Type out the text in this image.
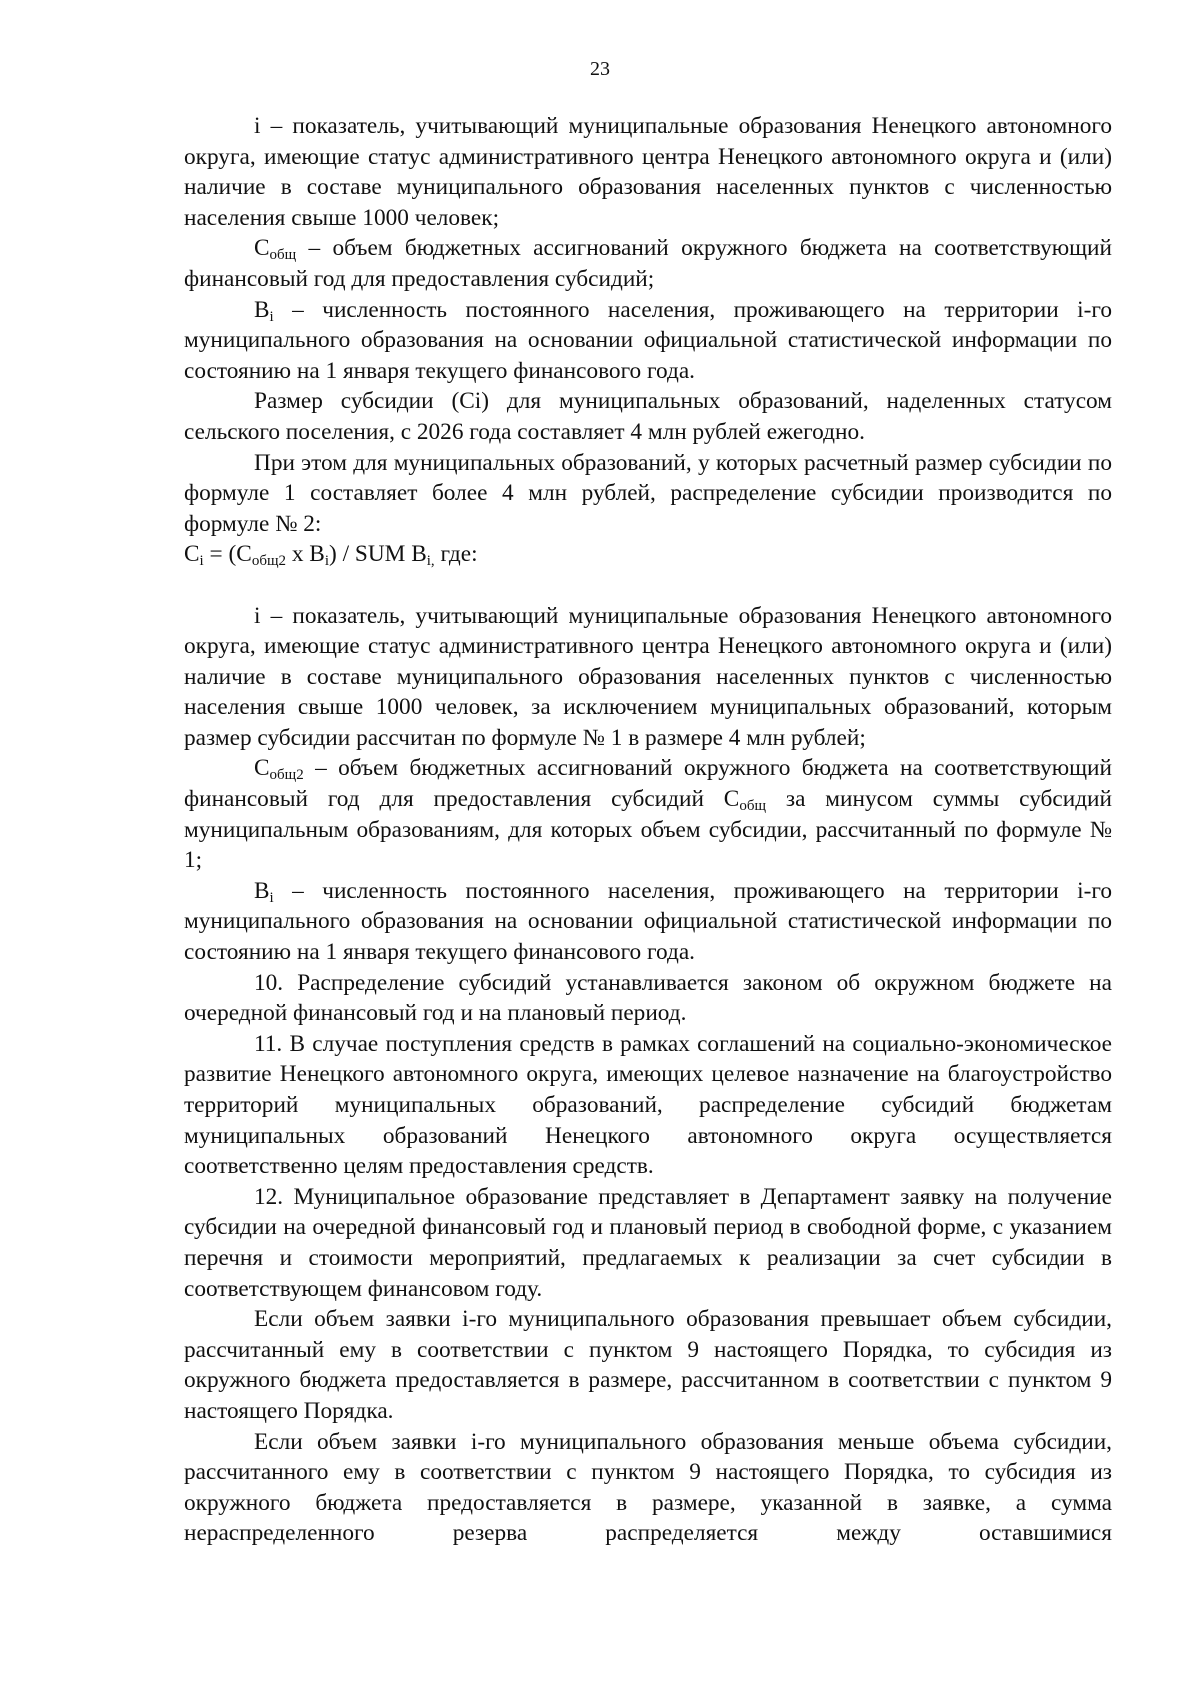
23

i – показатель, учитывающий муниципальные образования Ненецкого автономного округа, имеющие статус административного центра Ненецкого автономного округа и (или) наличие в составе муниципального образования населенных пунктов с численностью населения свыше 1000 человек;

$С_{общ}$ – объем бюджетных ассигнований окружного бюджета на соответствующий финансовый год для предоставления субсидий;

$В_i$ – численность постоянного населения, проживающего на территории i-го муниципального образования на основании официальной статистической информации по состоянию на 1 января текущего финансового года.

Размер субсидии (Сi) для муниципальных образований, наделенных статусом сельского поселения, с 2026 года составляет 4 млн рублей ежегодно.

При этом для муниципальных образований, у которых расчетный размер субсидии по формуле 1 составляет более 4 млн рублей, распределение субсидии производится по формуле № 2:

$С_i = (С_{общ2}$ х $В_i$) / SUM $В_{i,}$ где:

i – показатель, учитывающий муниципальные образования Ненецкого автономного округа, имеющие статус административного центра Ненецкого автономного округа и (или) наличие в составе муниципального образования населенных пунктов с численностью населения свыше 1000 человек, за исключением муниципальных образований, которым размер субсидии рассчитан по формуле № 1 в размере 4 млн рублей;

$С_{общ2}$ – объем бюджетных ассигнований окружного бюджета на соответствующий финансовый год для предоставления субсидий $С_{общ}$ за минусом суммы субсидий муниципальным образованиям, для которых объем субсидии, рассчитанный по формуле № 1;

$В_i$ – численность постоянного населения, проживающего на территории i-го муниципального образования на основании официальной статистической информации по состоянию на 1 января текущего финансового года.

10. Распределение субсидий устанавливается законом об окружном бюджете на очередной финансовый год и на плановый период.

11. В случае поступления средств в рамках соглашений на социально-экономическое развитие Ненецкого автономного округа, имеющих целевое назначение на благоустройство территорий муниципальных образований, распределение субсидий бюджетам муниципальных образований Ненецкого автономного округа осуществляется соответственно целям предоставления средств.

12. Муниципальное образование представляет в Департамент заявку на получение субсидии на очередной финансовый год и плановый период в свободной форме, с указанием перечня и стоимости мероприятий, предлагаемых к реализации за счет субсидии в соответствующем финансовом году.

Если объем заявки i-го муниципального образования превышает объем субсидии, рассчитанный ему в соответствии с пунктом 9 настоящего Порядка, то субсидия из окружного бюджета предоставляется в размере, рассчитанном в соответствии с пунктом 9 настоящего Порядка.

Если объем заявки i-го муниципального образования меньше объема субсидии, рассчитанного ему в соответствии с пунктом 9 настоящего Порядка, то субсидия из окружного бюджета предоставляется в размере, указанной в заявке, а сумма нераспределенного резерва распределяется между оставшимися
